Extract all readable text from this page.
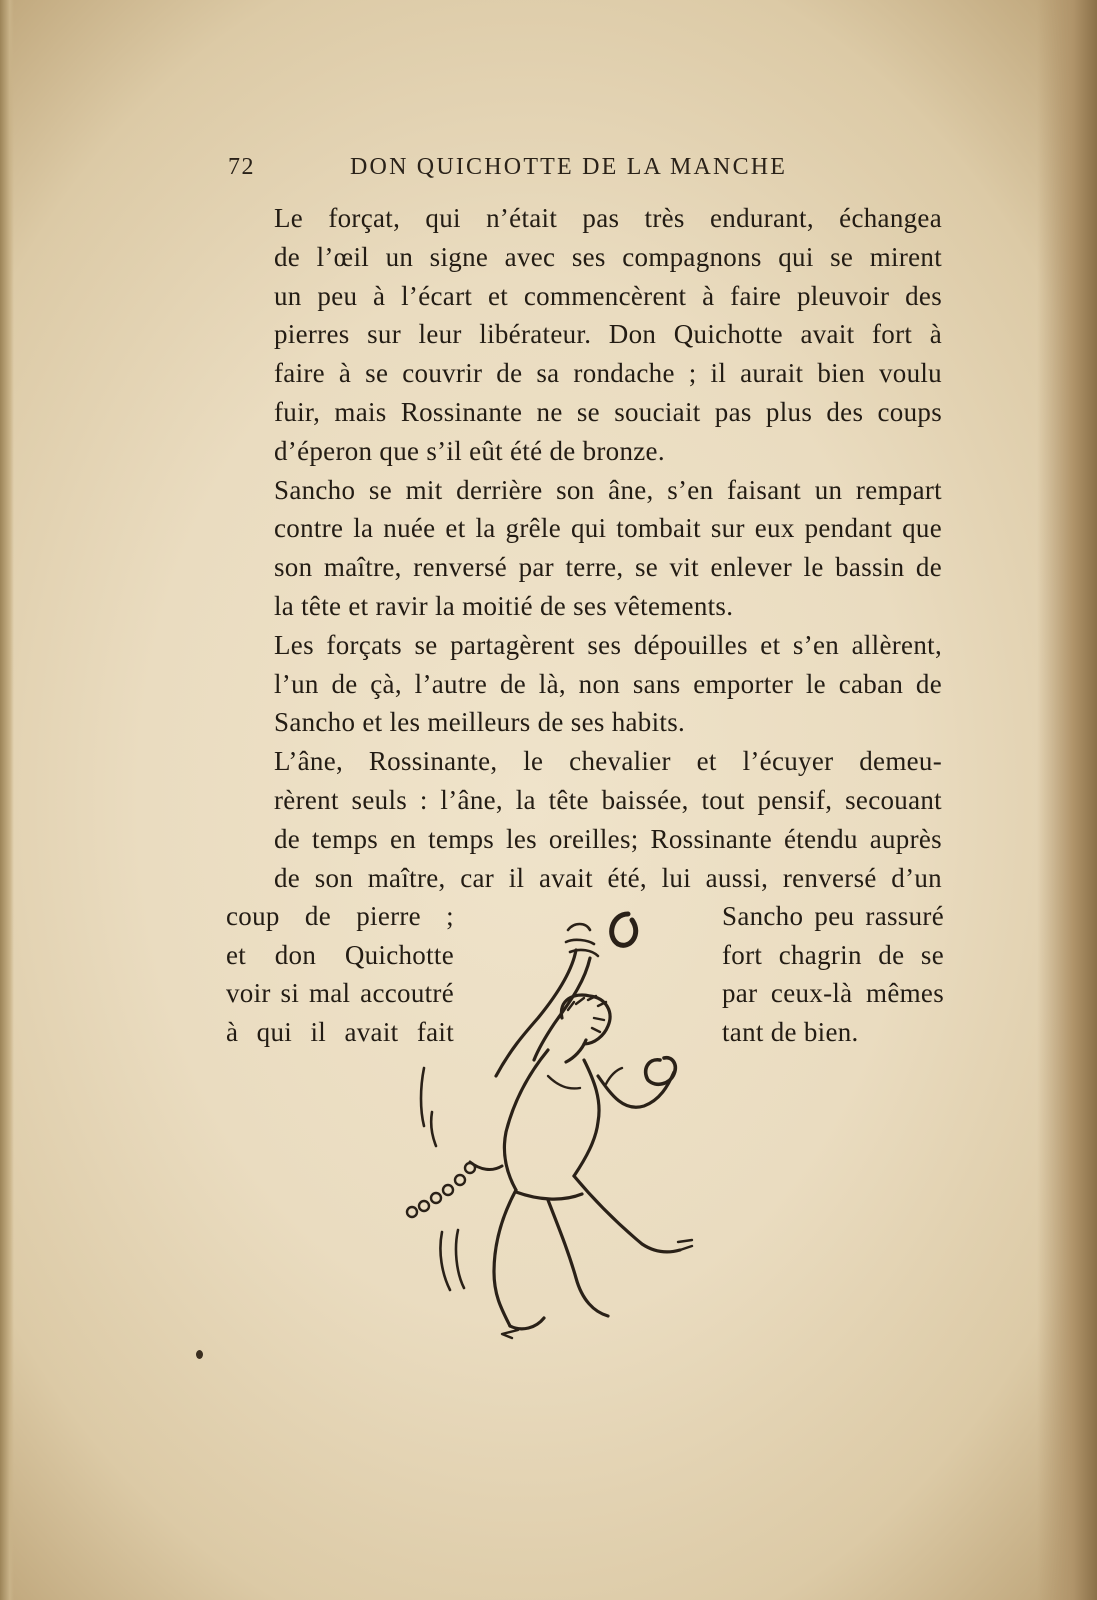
72	DON QUICHOTTE DE LA MANCHE

Le forçat, qui n’était pas très endurant, échangea
de l’œil un signe avec ses compagnons qui se mirent
un peu à l’écart et commencèrent à faire pleuvoir des
pierres sur leur libérateur. Don Quichotte avait fort à
faire à se couvrir de sa rondache ; il aurait bien voulu
fuir, mais Rossinante ne se souciait pas plus des coups
d’éperon que s’il eût été de bronze.

Sancho se mit derrière son âne, s’en faisant un rempart
contre la nuée et la grêle qui tombait sur eux pendant que
son maître, renversé par terre, se vit enlever le bassin de
la tête et ravir la moitié de ses vêtements.

Les forçats se partagèrent ses dépouilles et s’en allèrent,
l’un de çà, l’autre de là, non sans emporter le caban de
Sancho et les meilleurs de ses habits.

L’âne, Rossinante, le chevalier et l’écuyer demeu-
rèrent seuls : l’âne, la tête baissée, tout pensif, secouant
de temps en temps les oreilles; Rossinante étendu auprès
de son maître, car il avait été, lui aussi, renversé d’un

coup de pierre ;	Sancho peu rassuré
et don Quichotte	fort chagrin de se
voir si mal accoutré	par ceux-là mêmes
à qui il avait fait	tant de bien.
